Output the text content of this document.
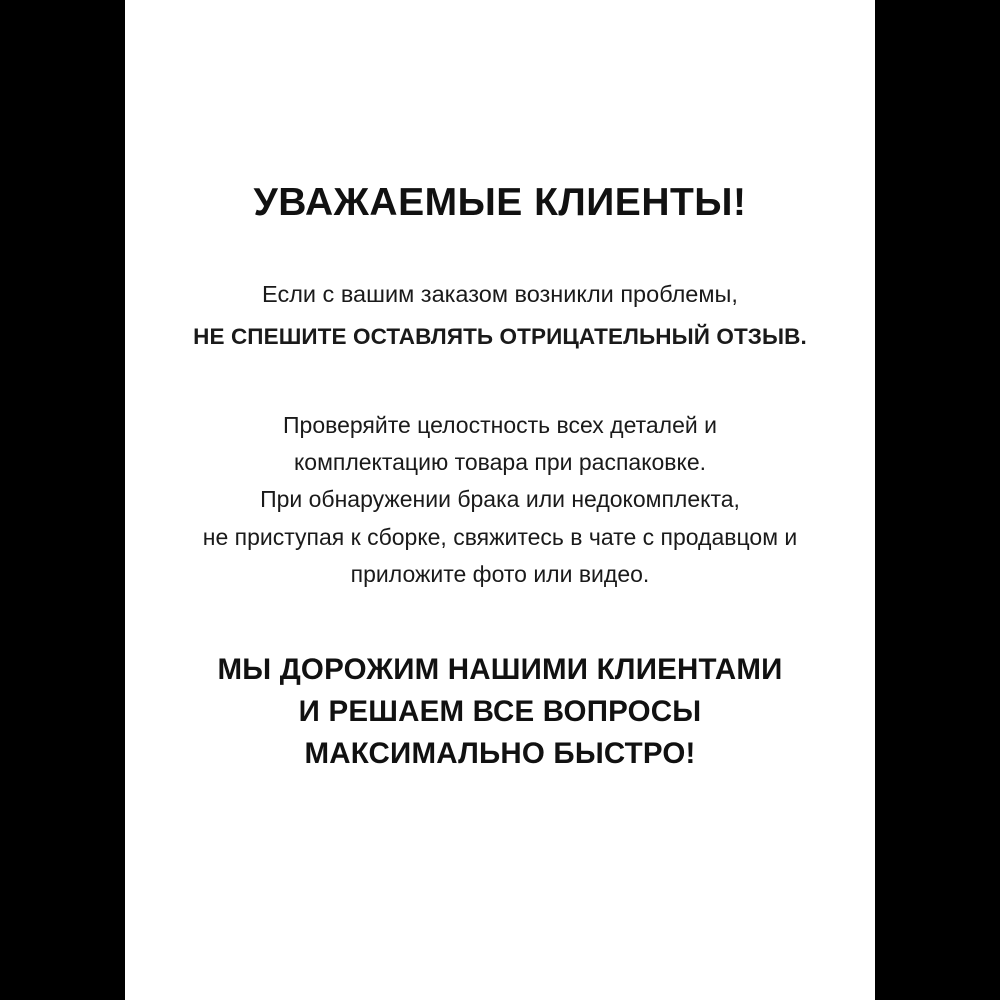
УВАЖАЕМЫЕ КЛИЕНТЫ!
Если с вашим заказом возникли проблемы,
НЕ СПЕШИТЕ ОСТАВЛЯТЬ ОТРИЦАТЕЛЬНЫЙ ОТЗЫВ.
Проверяйте целостность всех деталей и
комплектацию товара при распаковке.
При обнаружении брака или недокомплекта,
не приступая к сборке, свяжитесь в чате с продавцом и
приложите фото или видео.
МЫ ДОРОЖИМ НАШИМИ КЛИЕНТАМИ
И РЕШАЕМ ВСЕ ВОПРОСЫ
МАКСИМАЛЬНО БЫСТРО!
